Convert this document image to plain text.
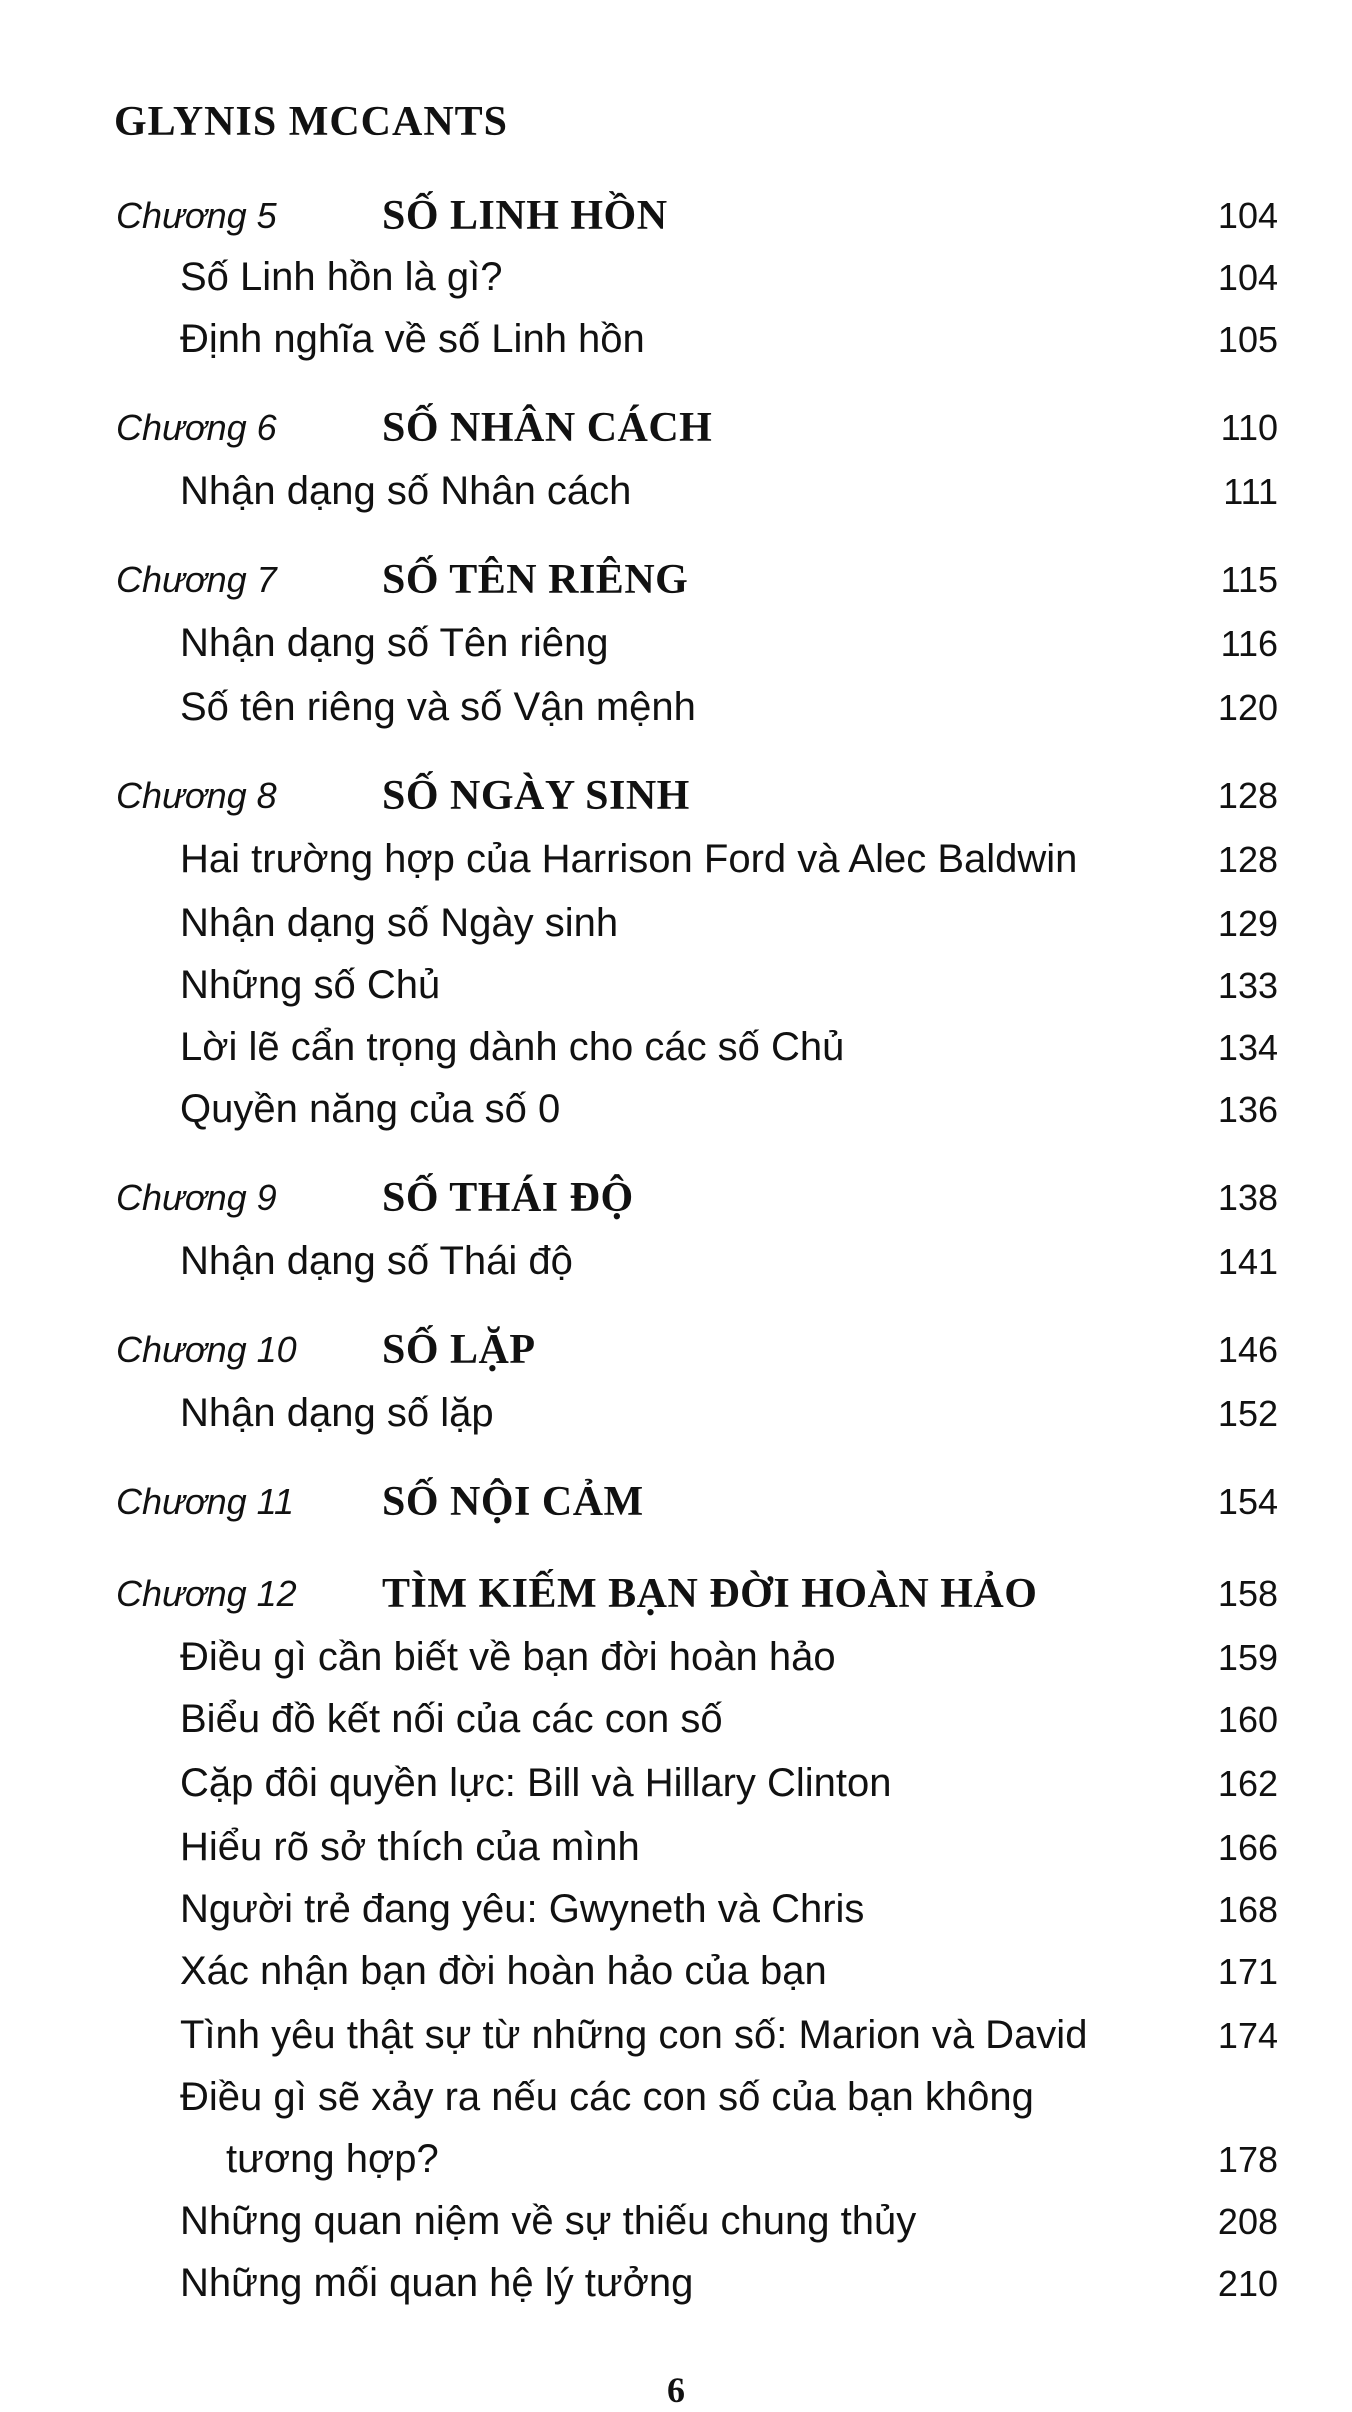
GLYNIS MCCANTS
Chương 5	SỐ LINH HỒN	104
Số Linh hồn là gì?	104
Định nghĩa về số Linh hồn	105
Chương 6	SỐ NHÂN CÁCH	110
Nhận dạng số Nhân cách	111
Chương 7	SỐ TÊN RIÊNG	115
Nhận dạng số Tên riêng	116
Số tên riêng và số Vận mệnh	120
Chương 8	SỐ NGÀY SINH	128
Hai trường hợp của Harrison Ford và Alec Baldwin	128
Nhận dạng số Ngày sinh	129
Những số Chủ	133
Lời lẽ cẩn trọng dành cho các số Chủ	134
Quyền năng của số 0	136
Chương 9	SỐ THÁI ĐỘ	138
Nhận dạng số Thái độ	141
Chương 10 SỐ LẶP	146
Nhận dạng số lặp	152
Chương 11 SỐ NỘI CẢM	154
Chương 12 TÌM KIẾM BẠN ĐỜI HOÀN HẢO	158
Điều gì cần biết về bạn đời hoàn hảo	159
Biểu đồ kết nối của các con số	160
Cặp đôi quyền lực: Bill và Hillary Clinton	162
Hiểu rõ sở thích của mình	166
Người trẻ đang yêu: Gwyneth và Chris	168
Xác nhận bạn đời hoàn hảo của bạn	171
Tình yêu thật sự từ những con số: Marion và David	174
Điều gì sẽ xảy ra nếu các con số của bạn không
tương hợp?	178
Những quan niệm về sự thiếu chung thủy	208
Những mối quan hệ lý tưởng	210
6
